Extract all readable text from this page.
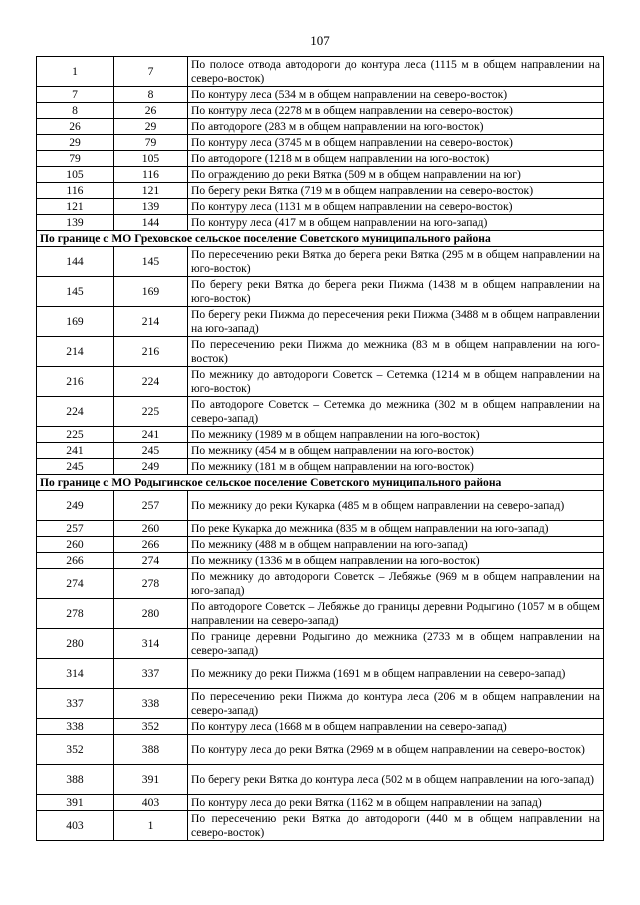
107
1	7	По полосе отвода автодороги до контура леса (1115 м в общем направлении на северо-восток)
7	8	По контуру леса (534 м в общем направлении на северо-восток)
8	26	По контуру леса (2278 м в общем направлении на северо-восток)
26	29	По автодороге (283 м в общем направлении на юго-восток)
29	79	По контуру леса (3745 м в общем направлении на северо-восток)
79	105	По автодороге (1218 м в общем направлении на юго-восток)
105	116	По ограждению до реки Вятка (509 м в общем направлении на юг)
116	121	По берегу реки Вятка (719 м в общем направлении на северо-восток)
121	139	По контуру леса (1131 м в общем направлении на северо-восток)
139	144	По контуру леса (417 м в общем направлении на юго-запад)
По границе с МО Греховское сельское поселение Советского муниципального района		
144	145	По пересечению реки Вятка до берега реки Вятка (295 м в общем направлении на юго-восток)
145	169	По берегу реки Вятка до берега реки Пижма (1438 м в общем направлении на юго-восток)
169	214	По берегу реки Пижма до пересечения реки Пижма (3488 м в общем направлении на юго-запад)
214	216	По пересечению реки Пижма до межника (83 м в общем направлении на юго-восток)
216	224	По межнику до автодороги Советск – Сетемка (1214 м в общем направлении на юго-восток)
224	225	По автодороге Советск – Сетемка до межника (302 м в общем направлении на северо-запад)
225	241	По межнику (1989 м в общем направлении на юго-восток)
241	245	По межнику (454 м в общем направлении на юго-восток)
245	249	По межнику (181 м в общем направлении на юго-восток)
По границе с МО Родыгинское сельское поселение Советского муниципального района		
249	257	По межнику до реки Кукарка (485 м в общем направлении на северо-запад)
257	260	По реке Кукарка до межника (835 м в общем направлении на юго-запад)
260	266	По межнику (488 м в общем направлении на юго-запад)
266	274	По межнику (1336 м в общем направлении на юго-восток)
274	278	По межнику до автодороги Советск – Лебяжье (969 м в общем направлении на юго-запад)
278	280	По автодороге Советск – Лебяжье до границы деревни Родыгино (1057 м в общем направлении на северо-запад)
280	314	По границе деревни Родыгино до межника (2733 м в общем направлении на северо-запад)
314	337	По межнику до реки Пижма (1691 м в общем направлении на северо-запад)
337	338	По пересечению реки Пижма до контура леса (206 м в общем направлении на северо-запад)
338	352	По контуру леса (1668 м в общем направлении на северо-запад)
352	388	По контуру леса до реки Вятка (2969 м в общем направлении на северо-восток)
388	391	По берегу реки Вятка до контура леса (502 м в общем направлении на юго-запад)
391	403	По контуру леса до реки Вятка (1162 м в общем направлении на запад)
403	1	По пересечению реки Вятка до автодороги (440 м в общем направлении на северо-восток)
